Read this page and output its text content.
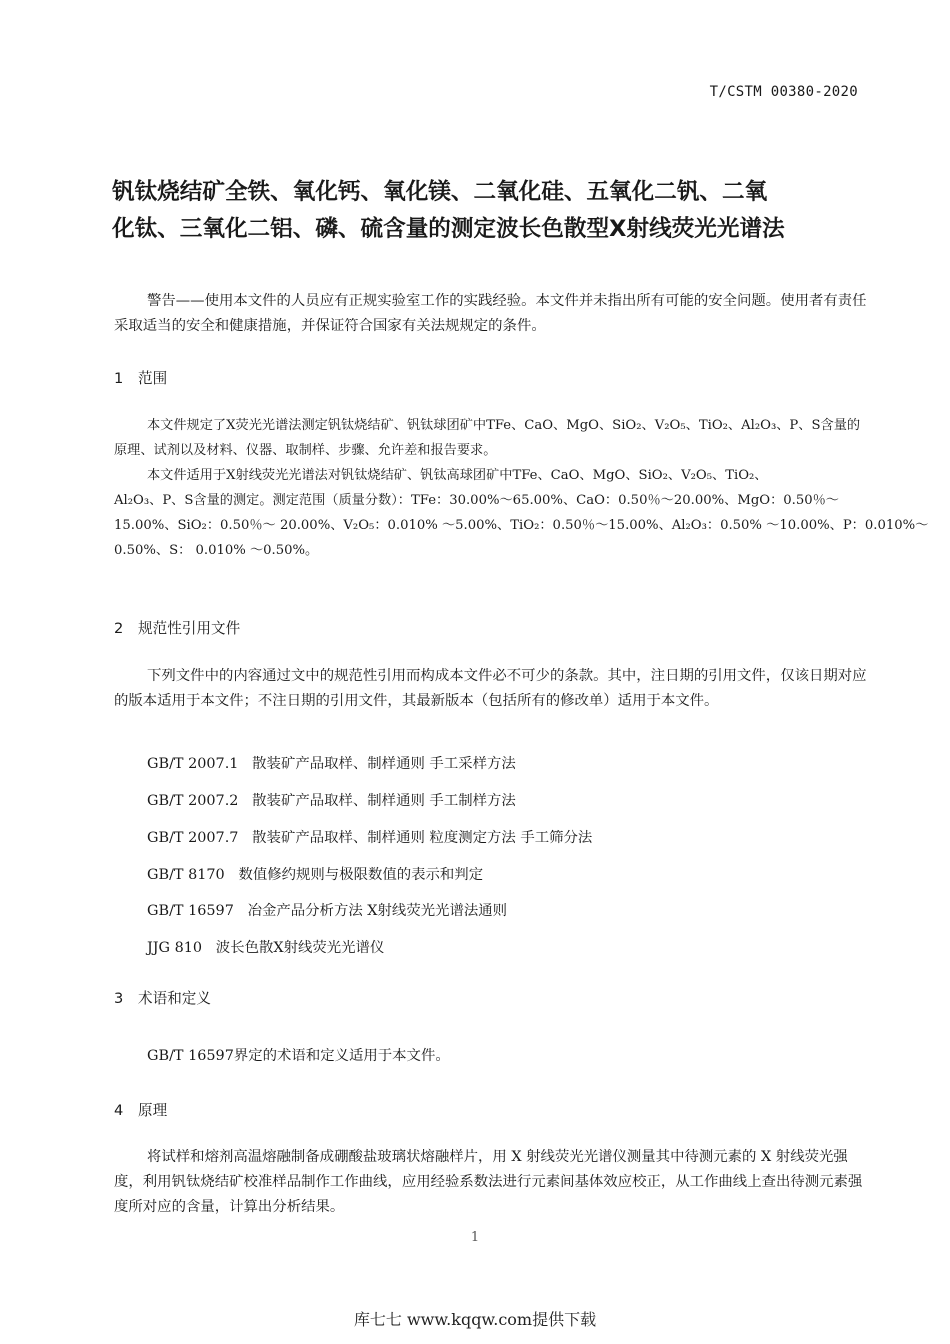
T/CSTM 00380-2020
钒钛烧结矿全铁、氧化钙、氧化镁、二氧化硅、五氧化二钒、二氧
化钛、三氧化二铝、磷、硫含量的测定波长色散型X射线荧光光谱法
警告——使用本文件的人员应有正规实验室工作的实践经验。本文件并未指出所有可能的安全问题。使用者有责任采取适当的安全和健康措施，并保证符合国家有关法规规定的条件。
1 范围
本文件规定了X荧光光谱法测定钒钛烧结矿、钒钛球团矿中TFe、CaO、MgO、SiO₂、V₂O₅、TiO₂、Al₂O₃、P、S含量的原理、试剂以及材料、仪器、取制样、步骤、允许差和报告要求。
本文件适用于X射线荧光光谱法对钒钛烧结矿、钒钛高球团矿中TFe、CaO、MgO、SiO₂、V₂O₅、TiO₂、
Al₂O₃、P、S含量的测定。测定范围（质量分数）：TFe：30.00%～65.00%、CaO：0.50％～20.00%、MgO：0.50％～
15.00%、SiO₂：0.50％～ 20.00%、V₂O₅：0.010% ～5.00%、TiO₂：0.50％～15.00%、Al₂O₃：0.50% ～10.00%、P：0.010%～
0.50%、S： 0.010% ～0.50%。
2 规范性引用文件
下列文件中的内容通过文中的规范性引用而构成本文件必不可少的条款。其中，注日期的引用文件，仅该日期对应的版本适用于本文件；不注日期的引用文件，其最新版本（包括所有的修改单）适用于本文件。
GB/T 2007.1   散装矿产品取样、制样通则 手工采样方法
GB/T 2007.2   散装矿产品取样、制样通则 手工制样方法
GB/T 2007.7   散装矿产品取样、制样通则 粒度测定方法 手工筛分法
GB/T 8170   数值修约规则与极限数值的表示和判定
GB/T 16597   冶金产品分析方法 X射线荧光光谱法通则
JJG 810   波长色散X射线荧光光谱仪
3 术语和定义
GB/T 16597界定的术语和定义适用于本文件。
4 原理
将试样和熔剂高温熔融制备成硼酸盐玻璃状熔融样片，用 X 射线荧光光谱仪测量其中待测元素的 X 射线荧光强度，利用钒钛烧结矿校准样品制作工作曲线，应用经验系数法进行元素间基体效应校正，从工作曲线上查出待测元素强度所对应的含量，计算出分析结果。
1
库七七 www.kqqw.com提供下载
